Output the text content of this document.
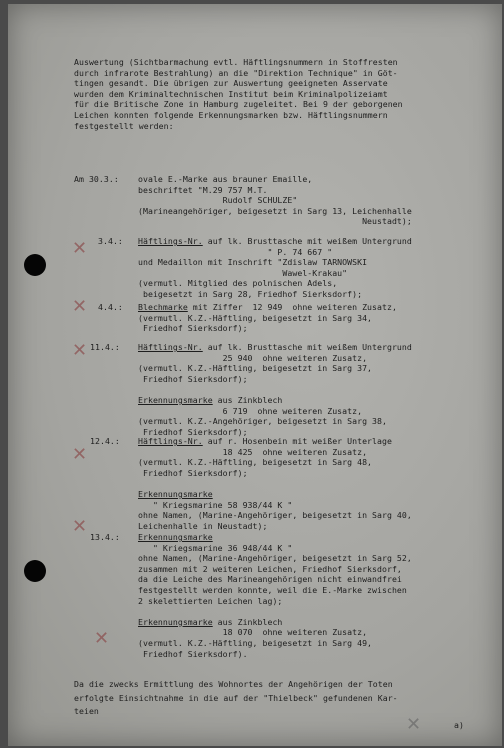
✕
✕
✕
✕
✕
✕
✕
Auswertung (Sichtbarmachung evtl. Häftlingsnummern in Stoffresten
durch infrarote Bestrahlung) an die "Direktion Technique" in Göt-
tingen gesandt. Die übrigen zur Auswertung geeigneten Asservate
wurden dem Kriminaltechnischen Institut beim Kriminalpolizeiamt
für die Britische Zone in Hamburg zugeleitet. Bei 9 der geborgenen
Leichen konnten folgende Erkennungsmarken bzw. Häftlingsnummern
festgestellt werden:
Am 30.3.: ovale E.-Marke aus brauner Emaille,
beschriftet "M.29 757 M.T.
Rudolf SCHULZE"
(Marineangehöriger, beigesetzt in Sarg 13, Leichenhalle
Neustadt);
3.4.: Häftlings-Nr. auf lk. Brusttasche mit weißem Untergrund
" P. 74 667 "
und Medaillon mit Inschrift "Zdislaw TARNOWSKI
Wawel-Krakau"
(vermutl. Mitglied des polnischen Adels,
beigesetzt in Sarg 28, Friedhof Sierksdorf);
4.4.: Blechmarke mit Ziffer  12 949  ohne weiteren Zusatz,
(vermutl. K.Z.-Häftling, beigesetzt in Sarg 34,
Friedhof Sierksdorf);
11.4.: Häftlings-Nr. auf lk. Brusttasche mit weißem Untergrund
25 940  ohne weiteren Zusatz,
(vermutl. K.Z.-Häftling, beigesetzt in Sarg 37,
Friedhof Sierksdorf);
Erkennungsmarke aus Zinkblech
6 719  ohne weiteren Zusatz,
(vermutl. K.Z.-Angehöriger, beigesetzt in Sarg 38,
Friedhof Sierksdorf);
12.4.: Häftlings-Nr. auf r. Hosenbein mit weißer Unterlage
18 425  ohne weiteren Zusatz,
(vermutl. K.Z.-Häftling, beigesetzt in Sarg 48,
Friedhof Sierksdorf);
Erkennungsmarke
" Kriegsmarine 58 938/44 K "
ohne Namen, (Marine-Angehöriger, beigesetzt in Sarg 40,
Leichenhalle in Neustadt);
13.4.: Erkennungsmarke
" Kriegsmarine 36 948/44 K "
ohne Namen, (Marine-Angehöriger, beigesetzt in Sarg 52,
zusammen mit 2 weiteren Leichen, Friedhof Sierksdorf,
da die Leiche des Marineangehörigen nicht einwandfrei
festgestellt werden konnte, weil die E.-Marke zwischen
2 skelettierten Leichen lag);
Erkennungsmarke aus Zinkblech
18 070  ohne weiteren Zusatz,
(vermutl. K.Z.-Häftling, beigesetzt in Sarg 49,
Friedhof Sierksdorf).
Da die zwecks Ermittlung des Wohnortes der Angehörigen der Toten
erfolgte Einsichtnahme in die auf der "Thielbeck" gefundenen Kar-
teien
a)
